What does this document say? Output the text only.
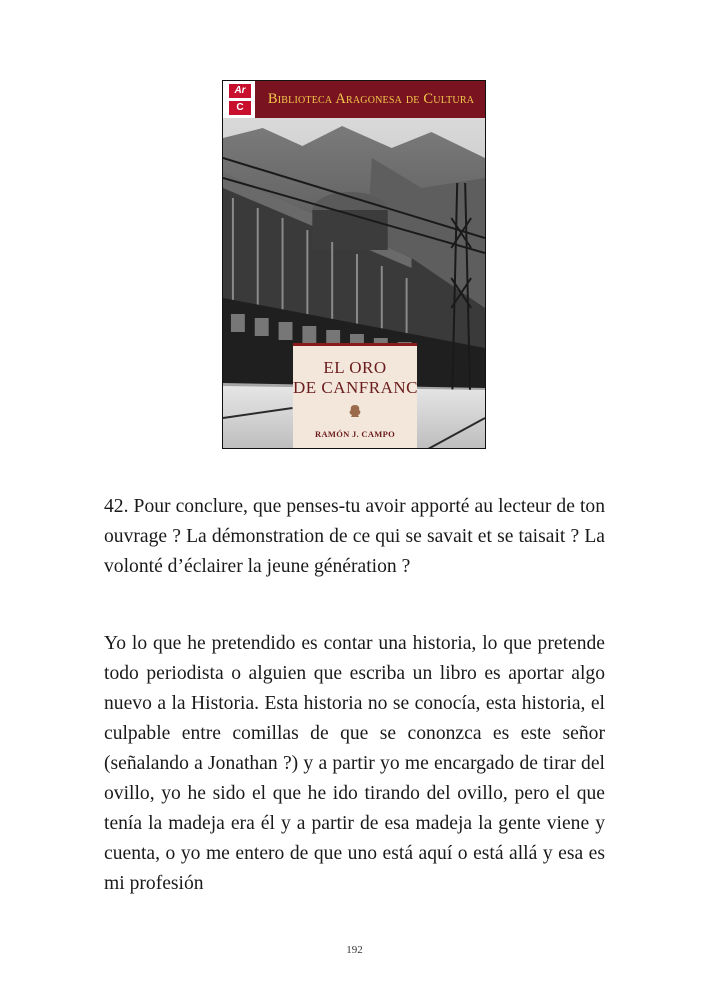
Ar
C
Biblioteca Aragonesa de Cultura
EL ORO
DE CANFRANC
RAMÓN J. CAMPO

42. Pour conclure, que penses-tu avoir apporté au lecteur de ton ouvrage ? La démonstration de ce qui se savait et se taisait ? La volonté d’éclairer la jeune génération ?

Yo lo que he pretendido es contar una historia, lo que pretende todo periodista o alguien que escriba un libro es aportar algo nuevo a la Historia. Esta historia no se conocía, esta historia, el culpable entre comillas de que se cononzca es este señor (señalando a Jonathan ?) y a partir yo me encargado de tirar del ovillo, yo he sido el que he ido tirando del ovillo, pero el que tenía la madeja era él y a partir de esa madeja la gente viene y cuenta, o yo me entero de que uno está aquí o está allá y esa es mi profesión

192
